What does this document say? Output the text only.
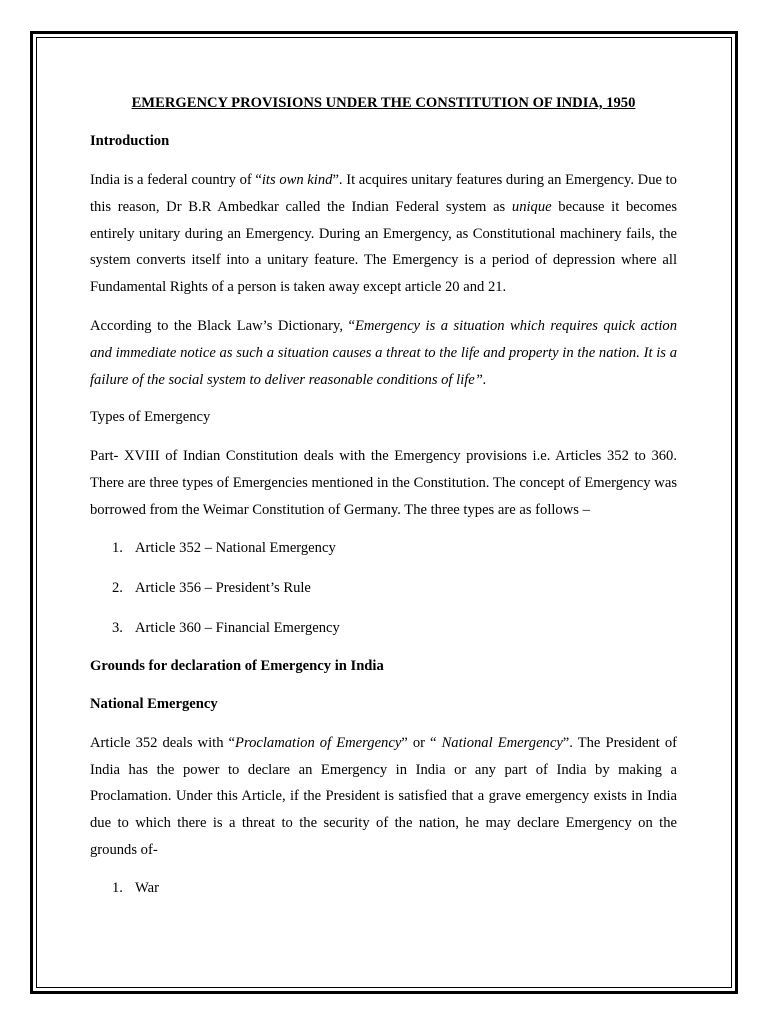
EMERGENCY PROVISIONS UNDER THE CONSTITUTION OF INDIA, 1950

Introduction

India is a federal country of “its own kind”. It acquires unitary features during an Emergency. Due to this reason, Dr B.R Ambedkar called the Indian Federal system as unique because it becomes entirely unitary during an Emergency. During an Emergency, as Constitutional machinery fails, the system converts itself into a unitary feature. The Emergency is a period of depression where all Fundamental Rights of a person is taken away except article 20 and 21.

According to the Black Law’s Dictionary, “Emergency is a situation which requires quick action and immediate notice as such a situation causes a threat to the life and property in the nation. It is a failure of the social system to deliver reasonable conditions of life”.

Types of Emergency

Part- XVIII of Indian Constitution deals with the Emergency provisions i.e. Articles 352 to 360. There are three types of Emergencies mentioned in the Constitution. The concept of Emergency was borrowed from the Weimar Constitution of Germany. The three types are as follows –

1. Article 352 – National Emergency
2. Article 356 – President’s Rule
3. Article 360 – Financial Emergency

Grounds for declaration of Emergency in India

National Emergency

Article 352 deals with “Proclamation of Emergency” or “ National Emergency”. The President of India has the power to declare an Emergency in India or any part of India by making a Proclamation. Under this Article, if the President is satisfied that a grave emergency exists in India due to which there is a threat to the security of the nation, he may declare Emergency on the grounds of-

1. War
